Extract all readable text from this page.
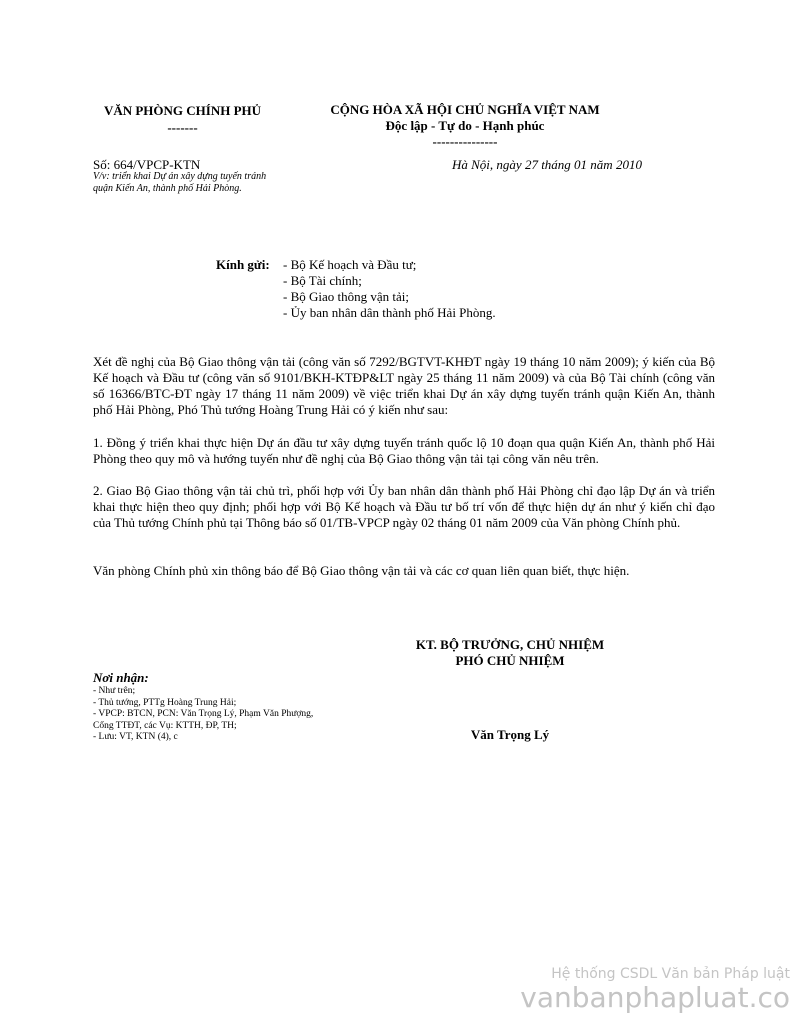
VĂN PHÒNG CHÍNH PHỦ
-------
CỘNG HÒA XÃ HỘI CHỦ NGHĨA VIỆT NAM
Độc lập - Tự do - Hạnh phúc
---------------
Số: 664/VPCP-KTN
V/v: triển khai Dự án xây dựng tuyến tránh quận Kiến An, thành phố Hải Phòng.
Hà Nội, ngày 27 tháng 01 năm 2010
Kính gửi: - Bộ Kế hoạch và Đầu tư;
- Bộ Tài chính;
- Bộ Giao thông vận tải;
- Ủy ban nhân dân thành phố Hải Phòng.

Xét đề nghị của Bộ Giao thông vận tải (công văn số 7292/BGTVT-KHĐT ngày 19 tháng 10 năm 2009); ý kiến của Bộ Kế hoạch và Đầu tư (công văn số 9101/BKH-KTĐP&LT ngày 25 tháng 11 năm 2009) và của Bộ Tài chính (công văn số 16366/BTC-ĐT ngày 17 tháng 11 năm 2009) về việc triển khai Dự án xây dựng tuyến tránh quận Kiến An, thành phố Hải Phòng, Phó Thủ tướng Hoàng Trung Hải có ý kiến như sau:

1. Đồng ý triển khai thực hiện Dự án đầu tư xây dựng tuyến tránh quốc lộ 10 đoạn qua quận Kiến An, thành phố Hải Phòng theo quy mô và hướng tuyến như đề nghị của Bộ Giao thông vận tải tại công văn nêu trên.

2. Giao Bộ Giao thông vận tải chủ trì, phối hợp với Ủy ban nhân dân thành phố Hải Phòng chỉ đạo lập Dự án và triển khai thực hiện theo quy định; phối hợp với Bộ Kế hoạch và Đầu tư bố trí vốn để thực hiện dự án như ý kiến chỉ đạo của Thủ tướng Chính phủ tại Thông báo số 01/TB-VPCP ngày 02 tháng 01 năm 2009 của Văn phòng Chính phủ.

Văn phòng Chính phủ xin thông báo để Bộ Giao thông vận tải và các cơ quan liên quan biết, thực hiện.

KT. BỘ TRƯỞNG, CHỦ NHIỆM
PHÓ CHỦ NHIỆM
Văn Trọng Lý
Nơi nhận:
- Như trên;
- Thủ tướng, PTTg Hoàng Trung Hải;
- VPCP: BTCN, PCN: Văn Trọng Lý, Phạm Văn Phượng,
Cổng TTĐT, các Vụ: KTTH, ĐP, TH;
- Lưu: VT, KTN (4), c
Hệ thống CSDL Văn bản Pháp luật
vanbanphapluat.co
